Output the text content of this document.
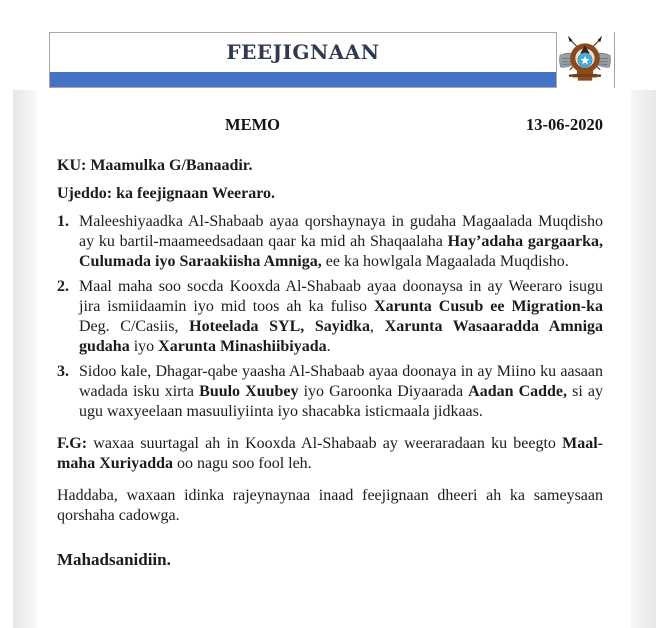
FEEJIGNAAN
MEMO	13-06-2020

KU: Maamulka G/Banaadir.

Ujeddo: ka feejignaan Weeraro.

1. Maleeshiyaadka Al-Shabaab ayaa qorshaynaya in gudaha Magaalada Muqdisho ay ku bartil-maameedsadaan qaar ka mid ah Shaqaalaha Hay’adaha gargaarka, Culumada iyo Saraakiisha Amniga, ee ka howlgala Magaalada Muqdisho.
2. Maal maha soo socda Kooxda Al-Shabaab ayaa doonaysa in ay Weeraro isugu jira ismiidaamin iyo mid toos ah ka fuliso Xarunta Cusub ee Migration-ka Deg. C/Casiis, Hoteelada SYL, Sayidka, Xarunta Wasaaradda Amniga gudaha iyo Xarunta Minashiibiyada.
3. Sidoo kale, Dhagar-qabe yaasha Al-Shabaab ayaa doonaya in ay Miino ku aasaan wadada isku xirta Buulo Xuubey iyo Garoonka Diyaarada Aadan Cadde, si ay ugu waxyeelaan masuuliyiinta iyo shacabka isticmaala jidkaas.

F.G: waxaa suurtagal ah in Kooxda Al-Shabaab ay weeraradaan ku beegto Maal-maha Xuriyadda oo nagu soo fool leh.

Haddaba, waxaan idinka rajeynaynaa inaad feejignaan dheeri ah ka sameysaan qorshaha cadowga.

Mahadsanidiin.
